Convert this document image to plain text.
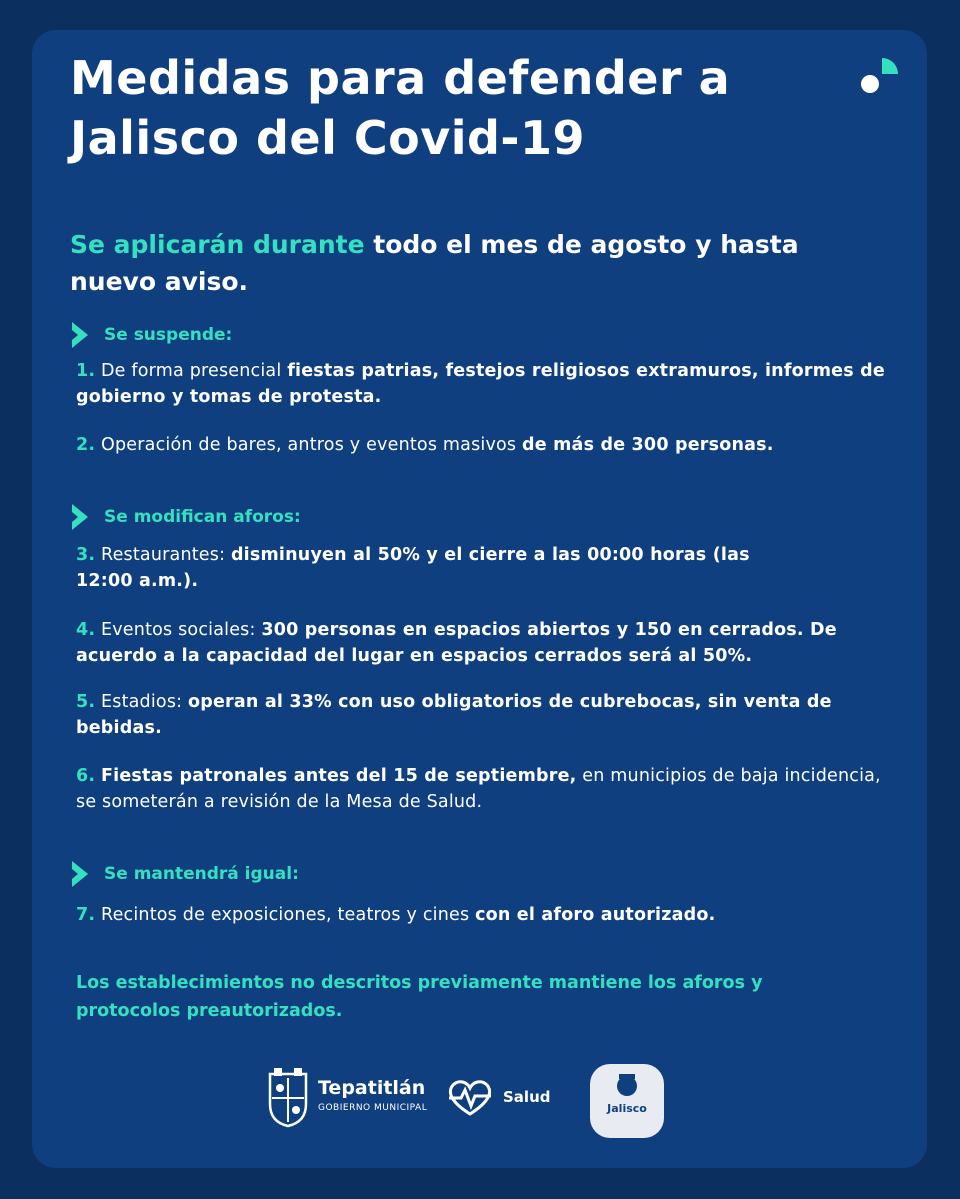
Medidas para defender a Jalisco del Covid-19
Se aplicarán durante todo el mes de agosto y hasta nuevo aviso.
Se suspende:
1. De forma presencial fiestas patrias, festejos religiosos extramuros, informes de gobierno y tomas de protesta.
2. Operación de bares, antros y eventos masivos de más de 300 personas.
Se modifican aforos:
3. Restaurantes: disminuyen al 50% y el cierre a las 00:00 horas (las 12:00 a.m.).
4. Eventos sociales: 300 personas en espacios abiertos y 150 en cerrados. De acuerdo a la capacidad del lugar en espacios cerrados será al 50%.
5. Estadios: operan al 33% con uso obligatorios de cubrebocas, sin venta de bebidas.
6. Fiestas patronales antes del 15 de septiembre, en municipios de baja incidencia, se someterán a revisión de la Mesa de Salud.
Se mantendrá igual:
7. Recintos de exposiciones, teatros y cines con el aforo autorizado.
Los establecimientos no descritos previamente mantiene los aforos y protocolos preautorizados.
Tepatitlán
GOBIERNO MUNICIPAL
Salud
Jalisco
